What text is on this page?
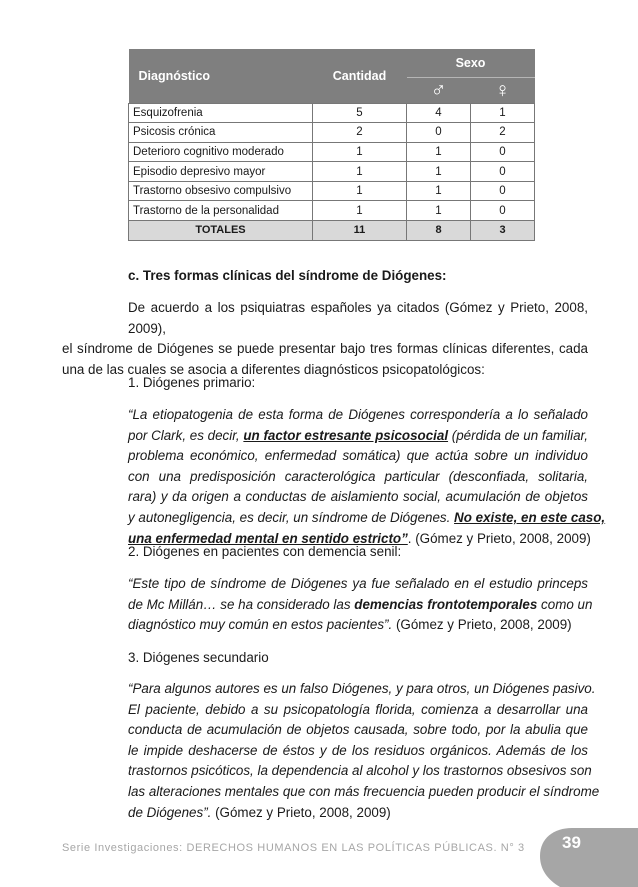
Diagnóstico	Cantidad	Sexo	
		♂	♀
Esquizofrenia	5	4	1
Psicosis crónica	2	0	2
Deterioro cognitivo moderado	1	1	0
Episodio depresivo mayor	1	1	0
Trastorno obsesivo compulsivo	1	1	0
Trastorno de la personalidad	1	1	0
TOTALES	11	8	3
c. Tres formas clínicas del síndrome de Diógenes:
De acuerdo a los psiquiatras españoles ya citados (Gómez y Prieto, 2008, 2009),
el síndrome de Diógenes se puede presentar bajo tres formas clínicas diferentes, cada
una de las cuales se asocia a diferentes diagnósticos psicopatológicos:
1. Diógenes primario:
“La etiopatogenia de esta forma de Diógenes correspondería a lo señalado
por Clark, es decir, un factor estresante psicosocial (pérdida de un familiar,
problema económico, enfermedad somática) que actúa sobre un individuo
con una predisposición caracterológica particular (desconfiada, solitaria,
rara) y da origen a conductas de aislamiento social, acumulación de objetos
y autonegligencia, es decir, un síndrome de Diógenes. No existe, en este caso,
una enfermedad mental en sentido estricto”. (Gómez y Prieto, 2008, 2009)
2. Diógenes en pacientes con demencia senil:
“Este tipo de síndrome de Diógenes ya fue señalado en el estudio princeps
de Mc Millán… se ha considerado las demencias frontotemporales como un
diagnóstico muy común en estos pacientes”. (Gómez y Prieto, 2008, 2009)
3. Diógenes secundario
“Para algunos autores es un falso Diógenes, y para otros, un Diógenes pasivo.
El paciente, debido a su psicopatología florida, comienza a desarrollar una
conducta de acumulación de objetos causada, sobre todo, por la abulia que
le impide deshacerse de éstos y de los residuos orgánicos. Además de los
trastornos psicóticos, la dependencia al alcohol y los trastornos obsesivos son
las alteraciones mentales que con más frecuencia pueden producir el síndrome
de Diógenes”. (Gómez y Prieto, 2008, 2009)
Serie Investigaciones: DERECHOS HUMANOS EN LAS POLÍTICAS PÚBLICAS. N° 3 39
